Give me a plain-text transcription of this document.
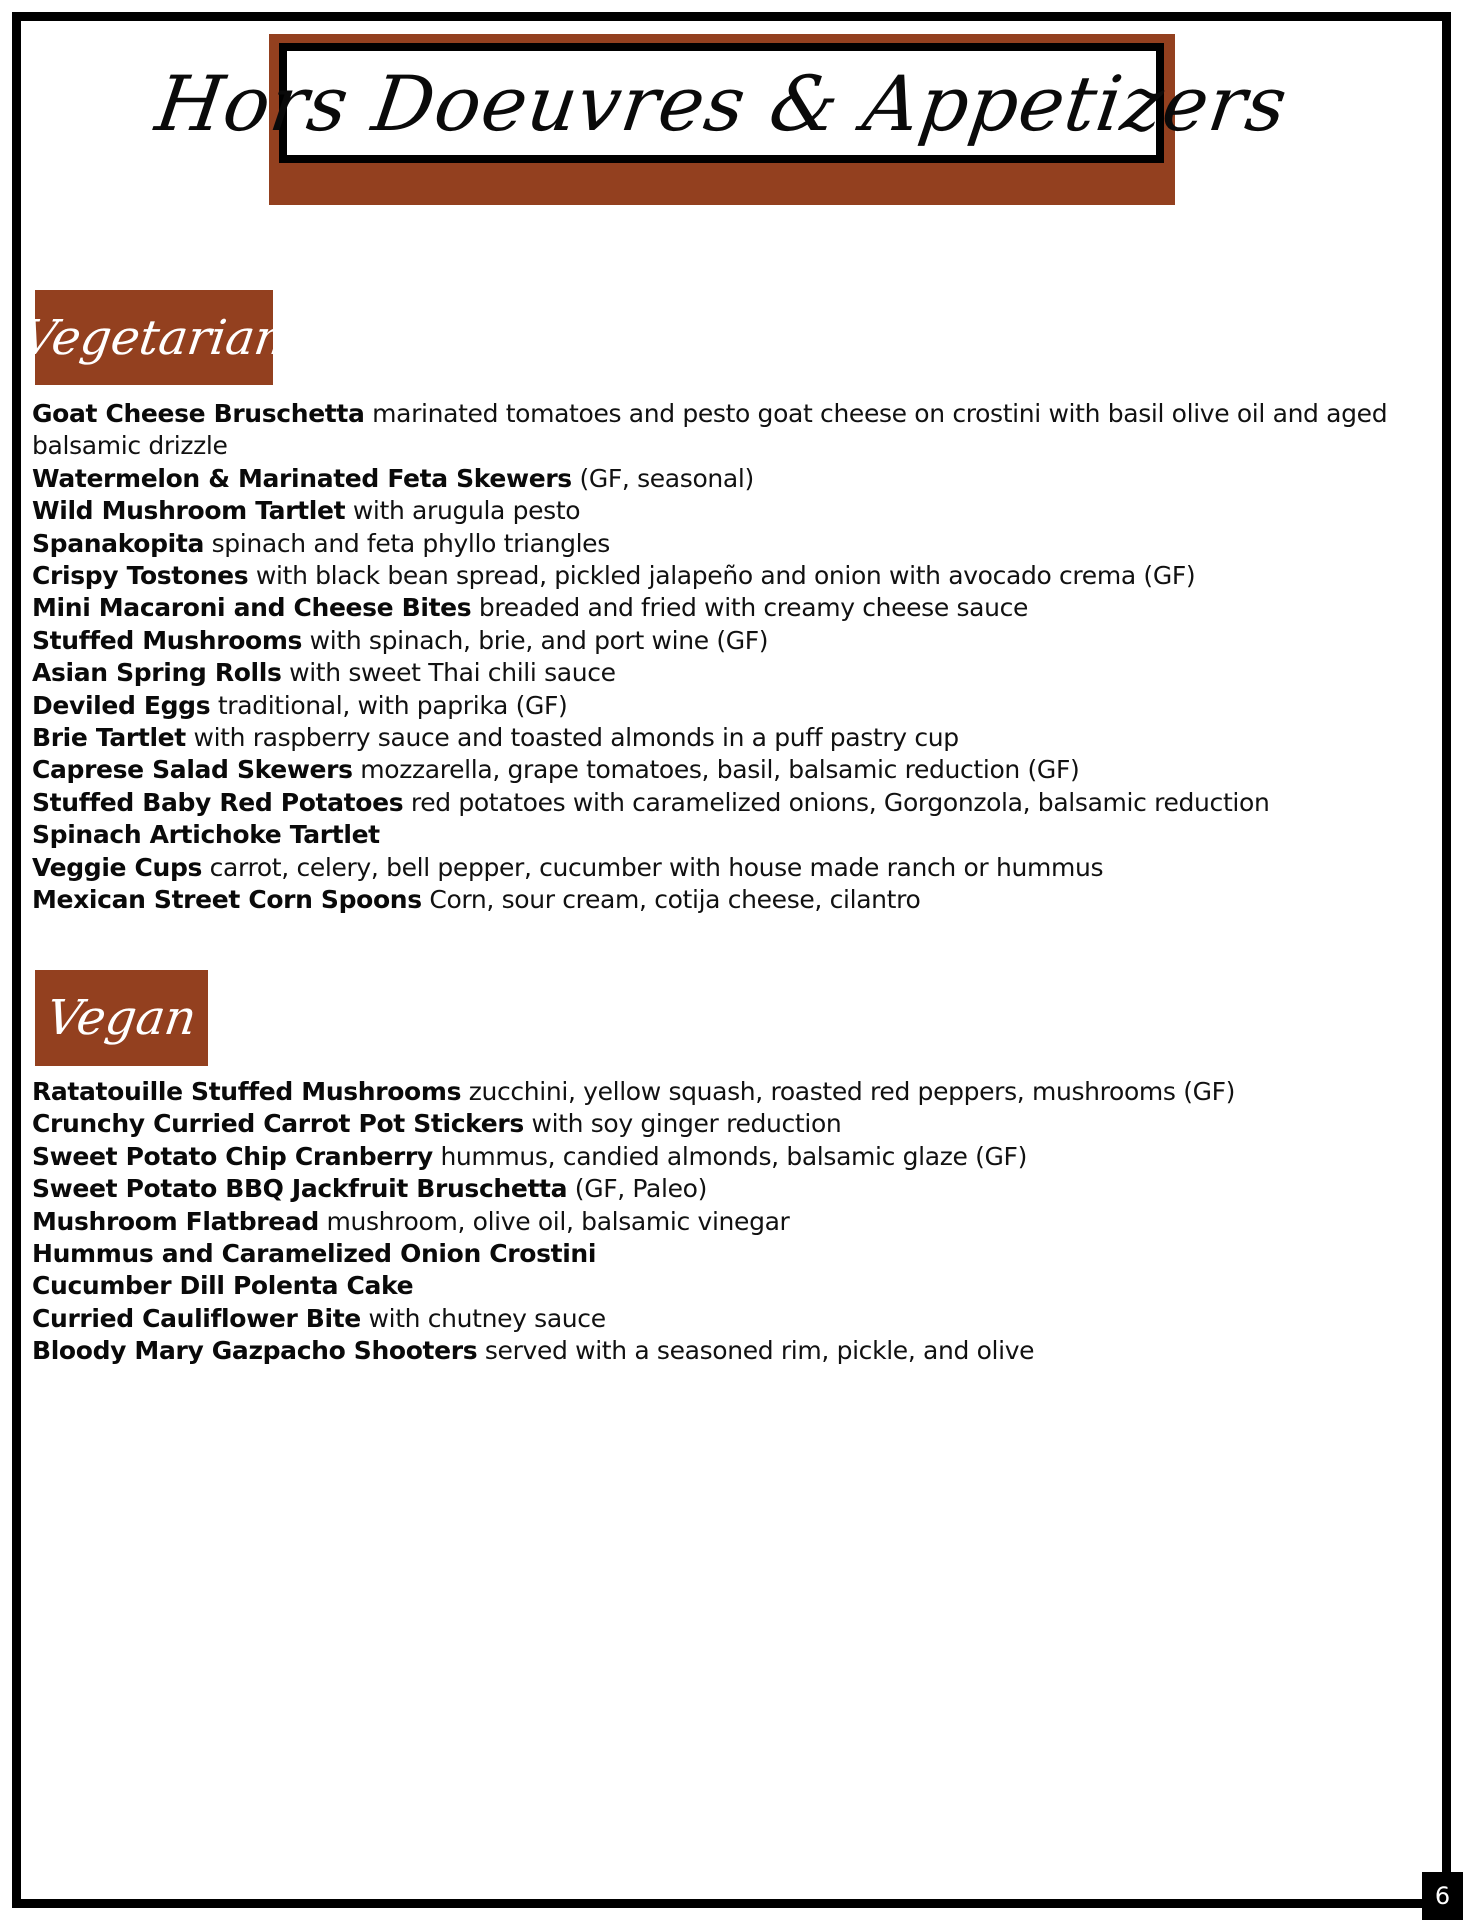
Hors Doeuvres & Appetizers
Vegetarian
Goat Cheese Bruschetta marinated tomatoes and pesto goat cheese on crostini with basil olive oil and aged balsamic drizzle
Watermelon & Marinated Feta Skewers (GF, seasonal)
Wild Mushroom Tartlet with arugula pesto
Spanakopita spinach and feta phyllo triangles
Crispy Tostones with black bean spread, pickled jalapeño and onion with avocado crema (GF)
Mini Macaroni and Cheese Bites breaded and fried with creamy cheese sauce
Stuffed Mushrooms with spinach, brie, and port wine (GF)
Asian Spring Rolls with sweet Thai chili sauce
Deviled Eggs traditional, with paprika (GF)
Brie Tartlet with raspberry sauce and toasted almonds in a puff pastry cup
Caprese Salad Skewers mozzarella, grape tomatoes, basil, balsamic reduction (GF)
Stuffed Baby Red Potatoes red potatoes with caramelized onions, Gorgonzola, balsamic reduction
Spinach Artichoke Tartlet
Veggie Cups carrot, celery, bell pepper, cucumber with house made ranch or hummus
Mexican Street Corn Spoons Corn, sour cream, cotija cheese, cilantro
Vegan
Ratatouille Stuffed Mushrooms zucchini, yellow squash, roasted red peppers, mushrooms (GF)
Crunchy Curried Carrot Pot Stickers with soy ginger reduction
Sweet Potato Chip Cranberry hummus, candied almonds, balsamic glaze (GF)
Sweet Potato BBQ Jackfruit Bruschetta (GF, Paleo)
Mushroom Flatbread mushroom, olive oil, balsamic vinegar
Hummus and Caramelized Onion Crostini
Cucumber Dill Polenta Cake
Curried Cauliflower Bite with chutney sauce
Bloody Mary Gazpacho Shooters served with a seasoned rim, pickle, and olive
6
